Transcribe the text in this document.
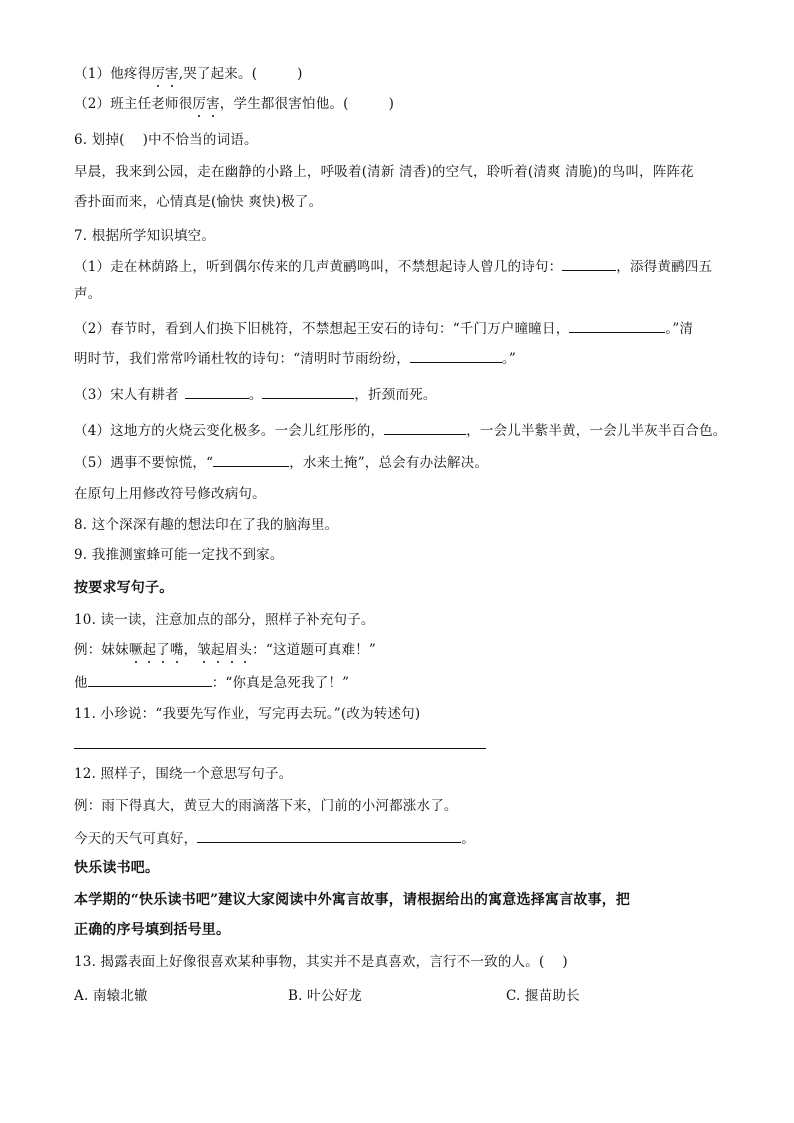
（1）他疼得厉害,哭了起来。(	)
（2）班主任老师很厉害，学生都很害怕他。(	)
6. 划掉(    )中不恰当的词语。
早晨，我来到公园，走在幽静的小路上，呼吸着(清新 清香)的空气，聆听着(清爽 清脆)的鸟叫，阵阵花
香扑面而来，心情真是(愉快 爽快)极了。
7. 根据所学知识填空。
（1）走在林荫路上，听到偶尔传来的几声黄鹂鸣叫，不禁想起诗人曾几的诗句：	，添得黄鹂四五
声。
（2）春节时，看到人们换下旧桃符，不禁想起王安石的诗句：“千门万户曈曈日，	。”清
明时节，我们常常吟诵杜牧的诗句：“清明时节雨纷纷，	。”
（3）宋人有耕者	。	，折颈而死。
（4）这地方的火烧云变化极多。一会儿红彤彤的，	，一会儿半紫半黄，一会儿半灰半百合色。
（5）遇事不要惊慌，“	，水来土掩”，总会有办法解决。
在原句上用修改符号修改病句。
8. 这个深深有趣的想法印在了我的脑海里。
9. 我推测蜜蜂可能一定找不到家。
按要求写句子。
10. 读一读，注意加点的部分，照样子补充句子。
例：妹妹噘起了嘴，皱起眉头：“这道题可真难！”
他	：“你真是急死我了！”
11. 小珍说：“我要先写作业，写完再去玩。”(改为转述句)
12. 照样子，围绕一个意思写句子。
例：雨下得真大，黄豆大的雨滴落下来，门前的小河都涨水了。
今天的天气可真好，	。
快乐读书吧。
本学期的“快乐读书吧”建议大家阅读中外寓言故事，请根据给出的寓意选择寓言故事，把
正确的序号填到括号里。
13. 揭露表面上好像很喜欢某种事物，其实并不是真喜欢，言行不一致的人。(    )
A. 南辕北辙	B. 叶公好龙	C. 揠苗助长
